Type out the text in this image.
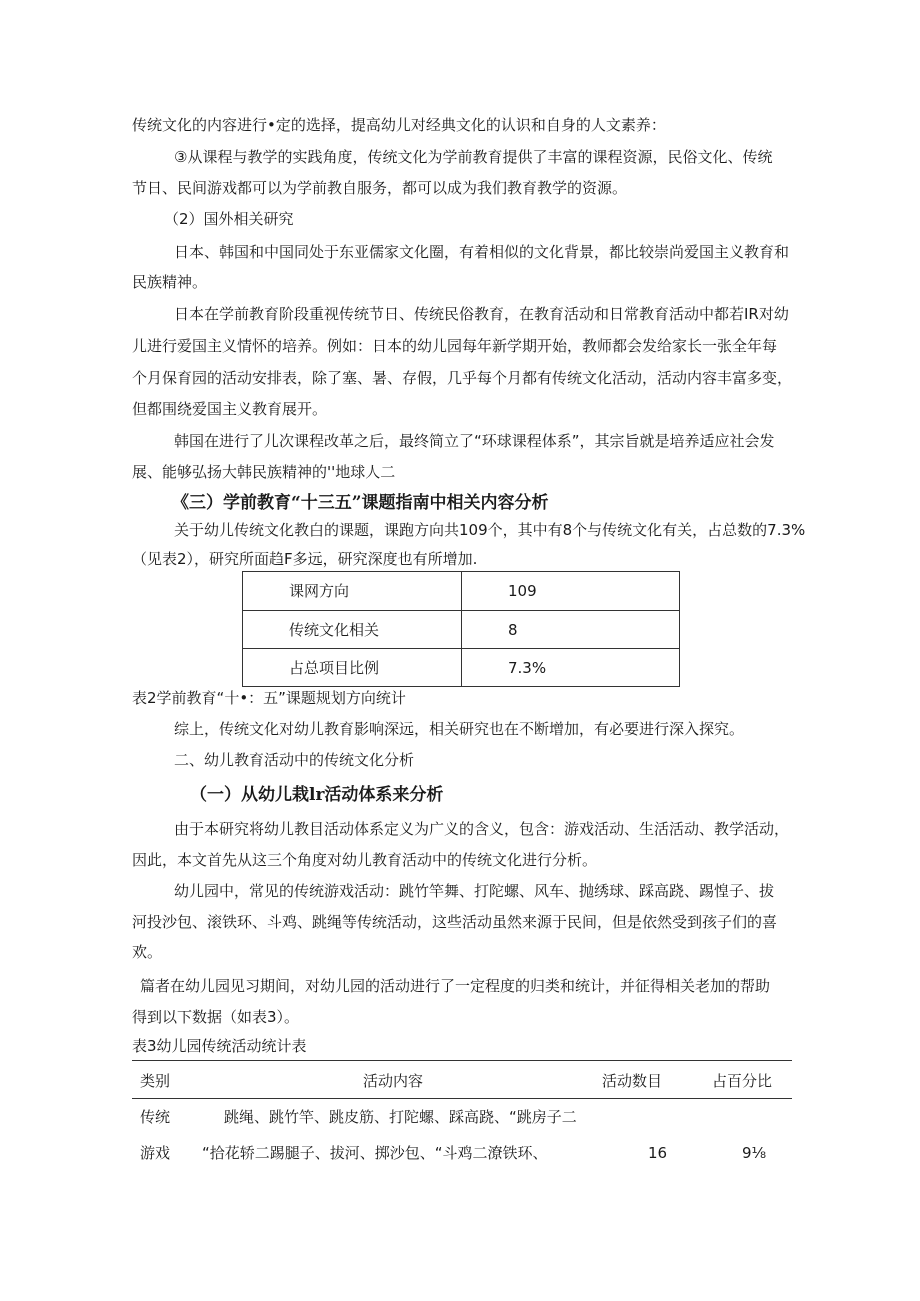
传统文化的内容进行•定的选择，提高幼儿对经典文化的认识和自身的人文素养：
③从课程与教学的实践角度，传统文化为学前教育提供了丰富的课程资源，民俗文化、传统
节日、民间游戏都可以为学前教自服务，都可以成为我们教育教学的资源。
（2）国外相关研究
日本、韩国和中国同处于东亚儒家文化圈，有着相似的文化背景，都比较崇尚爱国主义教育和
民族精神。
日本在学前教育阶段重视传统节日、传统民俗教育，在教育活动和日常教育活动中都若IR对幼
儿进行爱国主义情怀的培养。例如：日本的幼儿园每年新学期开始，教师都会发给家长一张全年每
个月保育园的活动安排表，除了塞、暑、存假，几乎每个月都有传统文化活动，活动内容丰富多变，
但都围绕爱国主义教育展开。
韩国在进行了儿次课程改革之后，最终简立了“环球课程体系”，其宗旨就是培养适应社会发
展、能够弘扬大韩民族精神的''地球人二
《三）学前教育“十三五”课题指南中相关内容分析
关于幼儿传统文化教白的课题，课跑方向共109个，其中有8个与传统文化有关，占总数的7.3%
（见表2），研究所面趋F多远，研究深度也有所增加.
课网方向	109
传统文化相关	8
占总项目比例	7.3%
表2学前教育“十•：五”课题规划方向统计
综上，传统文化对幼儿教育影响深远，相关研究也在不断增加，有必要进行深入探究。
二、幼儿教育活动中的传统文化分析
（一）从幼儿栽lr活动体系来分析
由于本研究将幼儿教目活动体系定义为广义的含义，包含：游戏活动、生活活动、教学活动，
因此，本文首先从这三个角度对幼儿教育活动中的传统文化进行分析。
幼儿园中，常见的传统游戏活动：跳竹竿舞、打陀螺、风车、抛绣球、踩高跷、踢惶子、拔
河投沙包、滚铁环、斗鸡、跳绳等传统活动，这些活动虽然来源于民间，但是依然受到孩子们的喜
欢。
篇者在幼儿园见习期间，对幼儿园的活动进行了一定程度的归类和统计，并征得相关老加的帮助
得到以下数据（如表3）。
表3幼儿园传统活动统计表
类别	活动内容	活动数目	占百分比
传统	跳绳、跳竹竿、跳皮筋、打陀螺、踩高跷、“跳房子二
游戏 “拾花轿二踢腿子、拔河、掷沙包、“斗鸡二潦铁环、	16	9⅛
